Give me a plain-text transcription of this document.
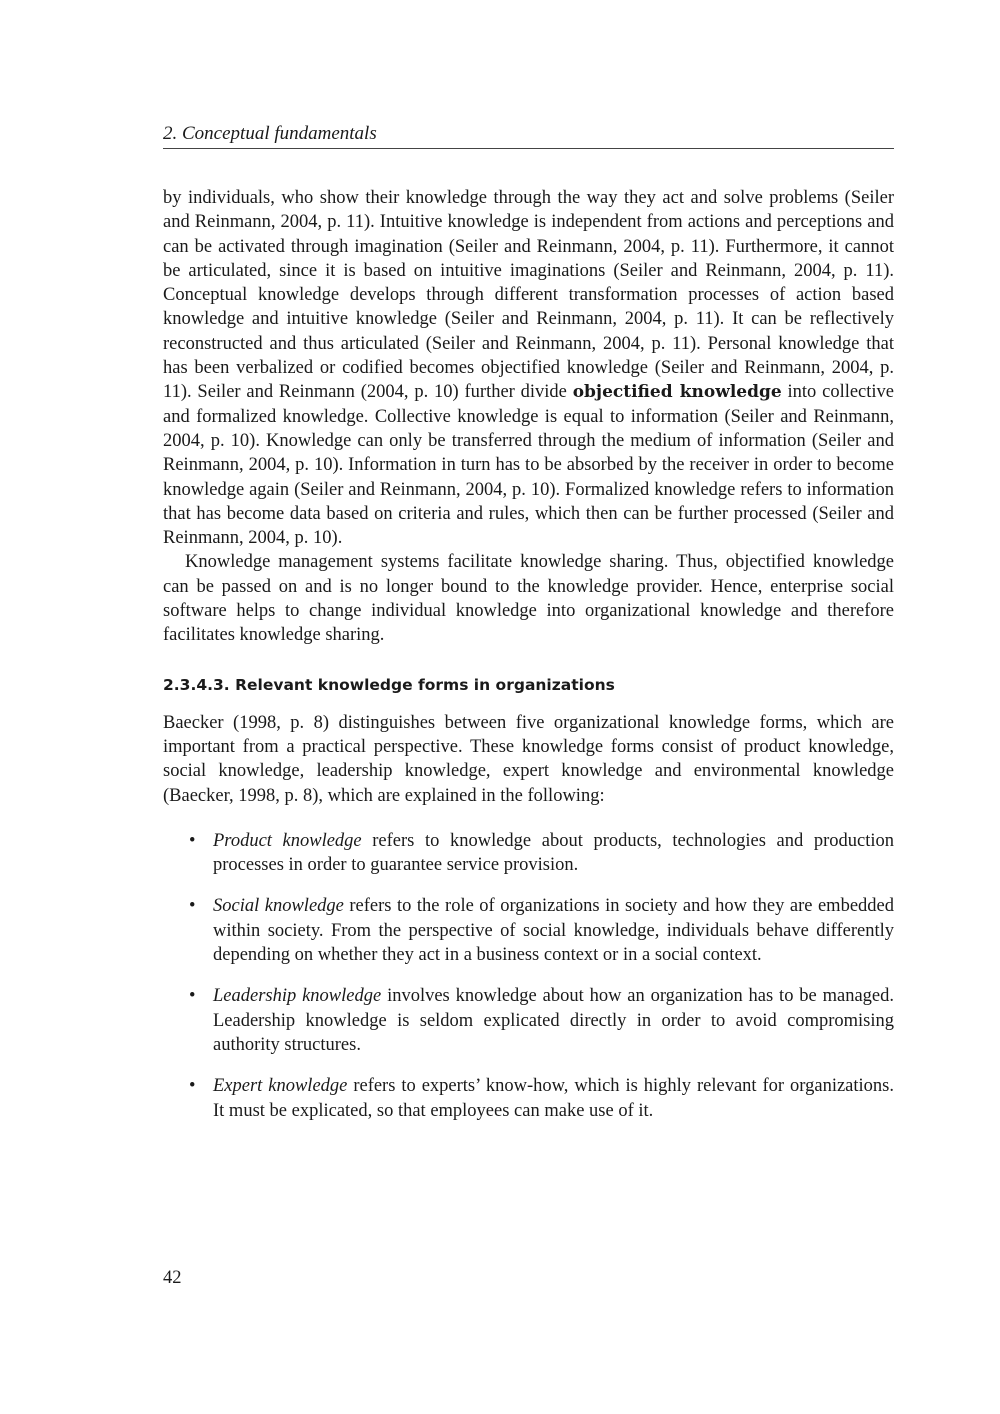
2. Conceptual fundamentals

by individuals, who show their knowledge through the way they act and solve problems (Seiler and Reinmann, 2004, p. 11). Intuitive knowledge is independent from actions and perceptions and can be activated through imagination (Seiler and Reinmann, 2004, p. 11). Furthermore, it cannot be articulated, since it is based on intuitive imaginations (Seiler and Reinmann, 2004, p. 11). Conceptual knowledge develops through different transformation processes of action based knowledge and intuitive knowledge (Seiler and Reinmann, 2004, p. 11). It can be reflectively reconstructed and thus articulated (Seiler and Reinmann, 2004, p. 11). Personal knowledge that has been verbalized or codified becomes objectified knowledge (Seiler and Reinmann, 2004, p. 11). Seiler and Reinmann (2004, p. 10) further divide objectified knowledge into collective and formalized knowledge. Collective knowledge is equal to information (Seiler and Reinmann, 2004, p. 10). Knowledge can only be transferred through the medium of information (Seiler and Reinmann, 2004, p. 10). Information in turn has to be absorbed by the receiver in order to become knowledge again (Seiler and Reinmann, 2004, p. 10). Formalized knowledge refers to information that has become data based on criteria and rules, which then can be further processed (Seiler and Reinmann, 2004, p. 10).

Knowledge management systems facilitate knowledge sharing. Thus, objectified knowledge can be passed on and is no longer bound to the knowledge provider. Hence, enterprise social software helps to change individual knowledge into organizational knowledge and therefore facilitates knowledge sharing.

2.3.4.3. Relevant knowledge forms in organizations

Baecker (1998, p. 8) distinguishes between five organizational knowledge forms, which are important from a practical perspective. These knowledge forms consist of product knowledge, social knowledge, leadership knowledge, expert knowledge and environmental knowledge (Baecker, 1998, p. 8), which are explained in the following:

• Product knowledge refers to knowledge about products, technologies and production processes in order to guarantee service provision.
• Social knowledge refers to the role of organizations in society and how they are embedded within society. From the perspective of social knowledge, individuals behave differently depending on whether they act in a business context or in a social context.
• Leadership knowledge involves knowledge about how an organization has to be managed. Leadership knowledge is seldom explicated directly in order to avoid compromising authority structures.
• Expert knowledge refers to experts’ know-how, which is highly relevant for organizations. It must be explicated, so that employees can make use of it.
42
